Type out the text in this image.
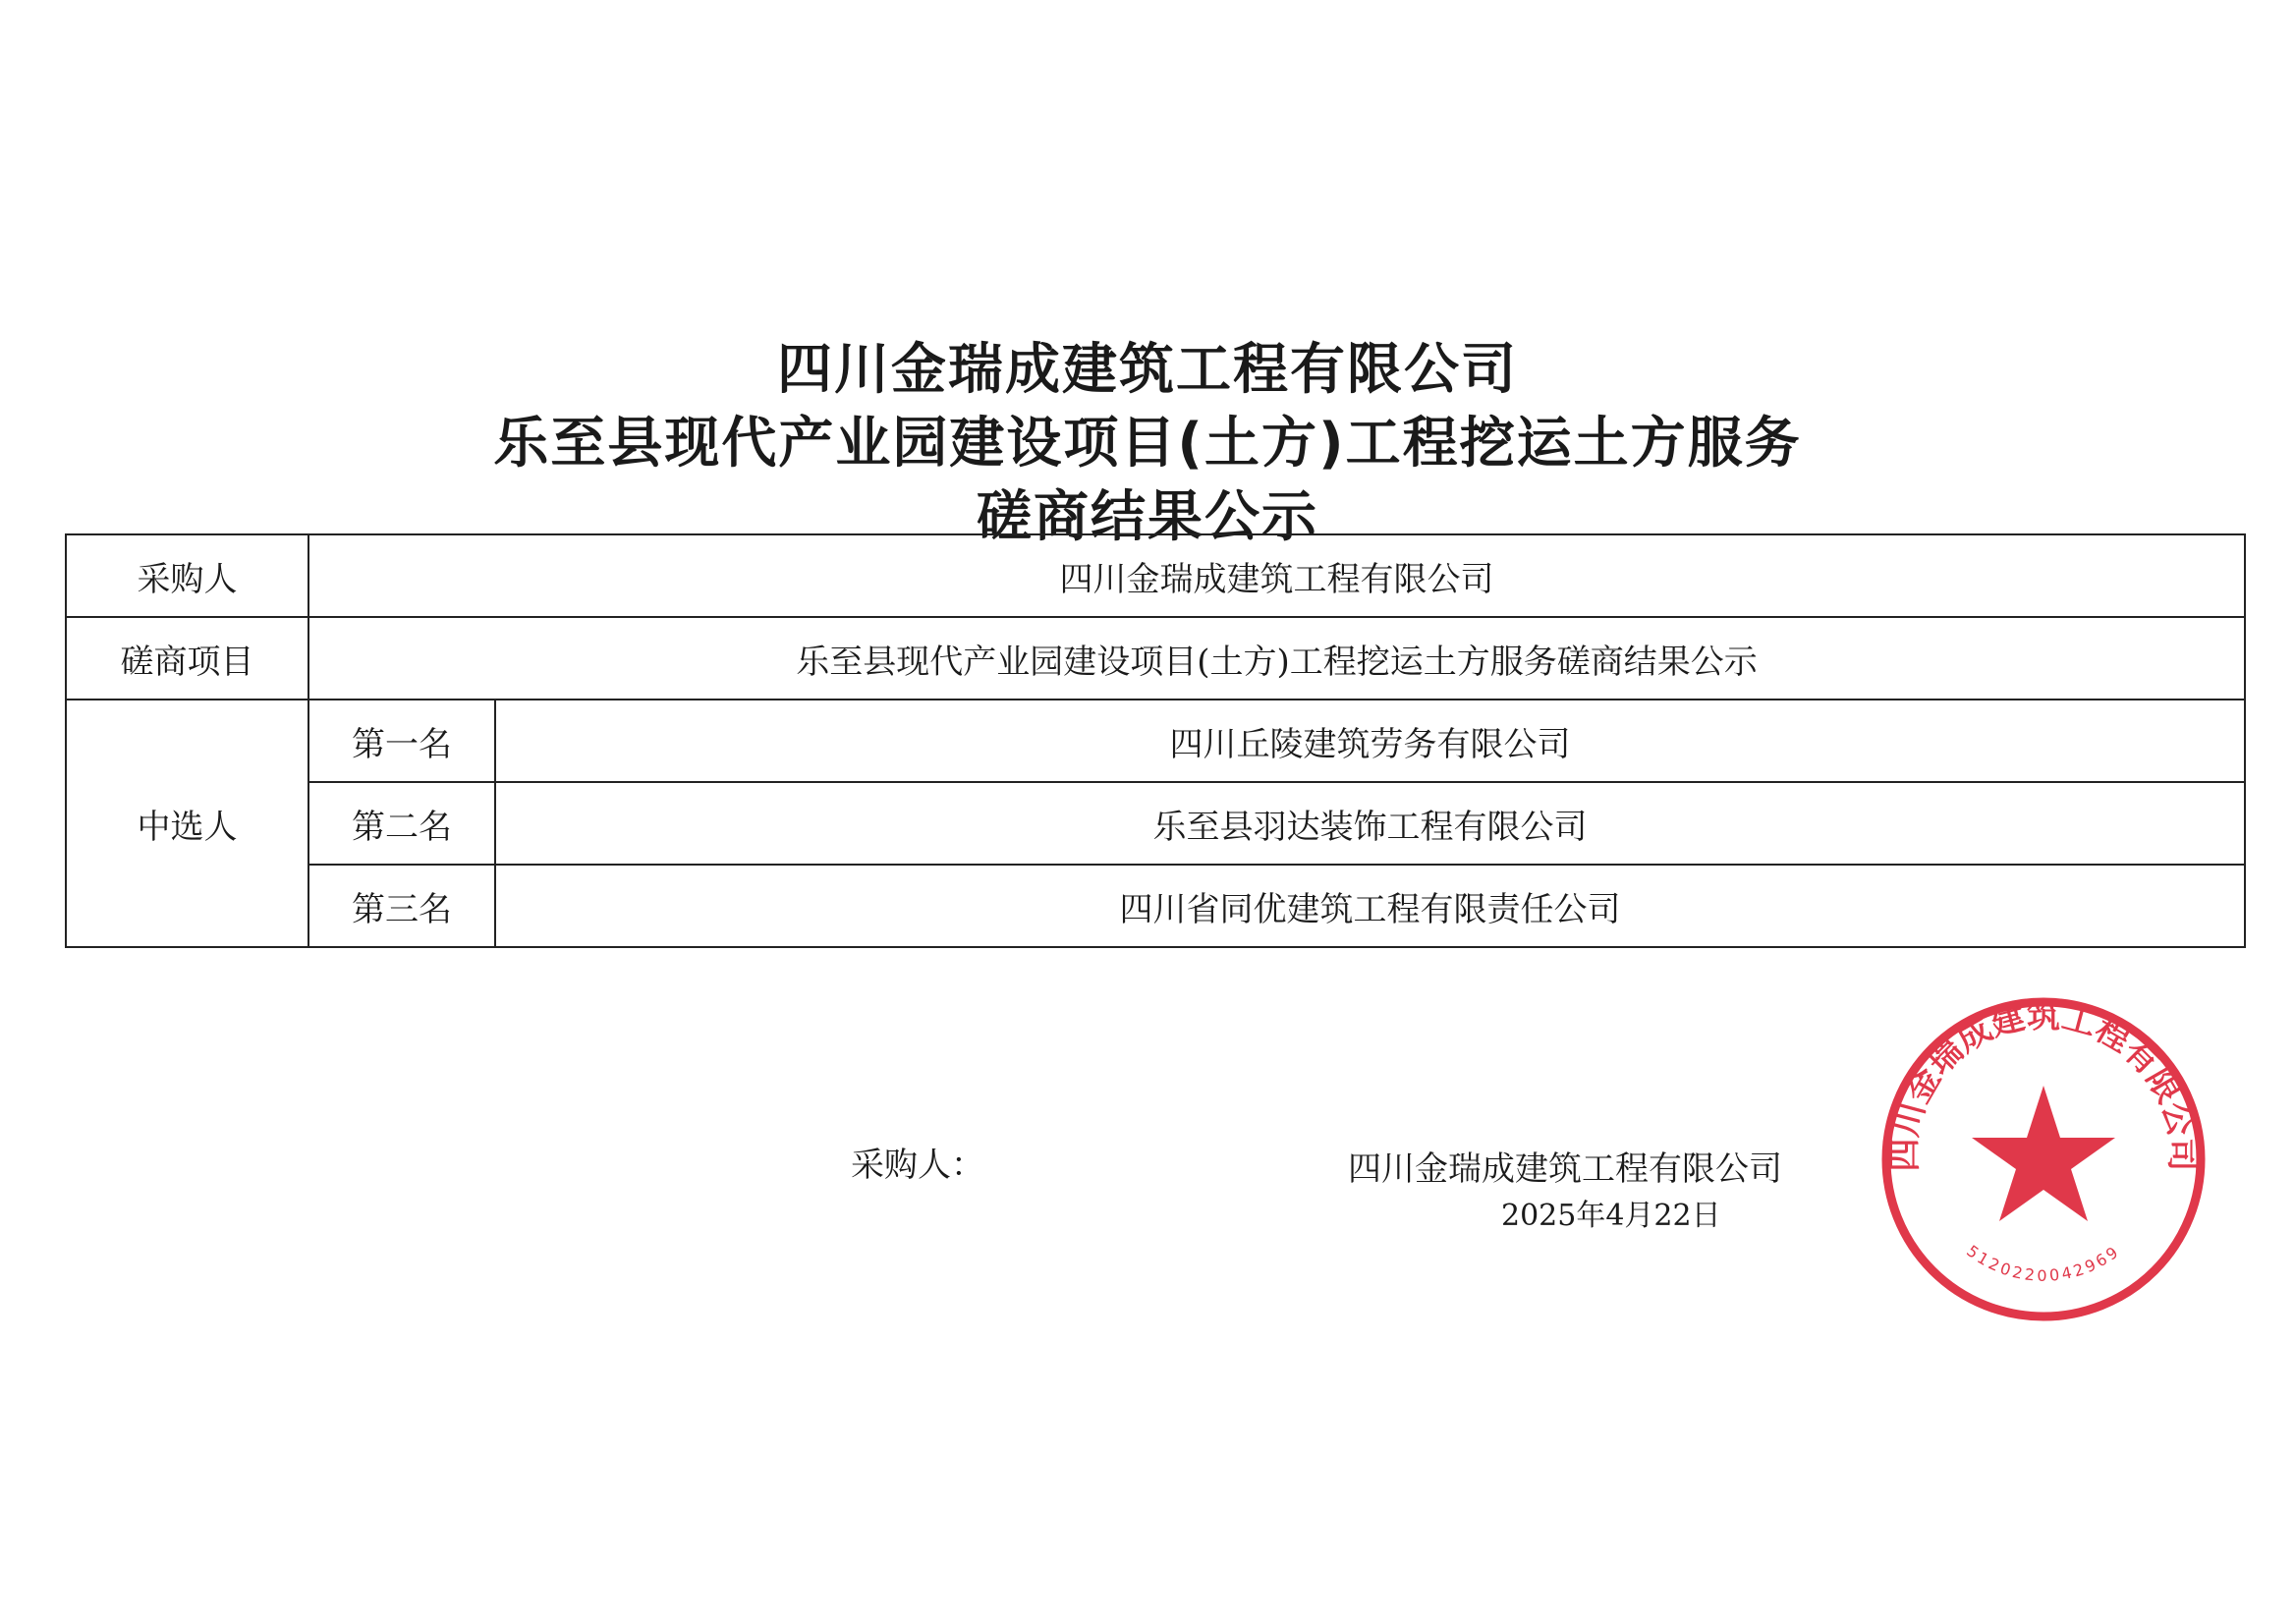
四川金瑞成建筑工程有限公司
乐至县现代产业园建设项目(土方)工程挖运土方服务
磋商结果公示
采购人	四川金瑞成建筑工程有限公司	
磋商项目	乐至县现代产业园建设项目(土方)工程挖运土方服务磋商结果公示	
中选人	第一名	四川丘陵建筑劳务有限公司
	第二名	乐至县羽达装饰工程有限公司
	第三名	四川省同优建筑工程有限责任公司
四川金瑞成建筑工程有限公司
5120220042969
采购人：	四川金瑞成建筑工程有限公司
2025年4月22日
